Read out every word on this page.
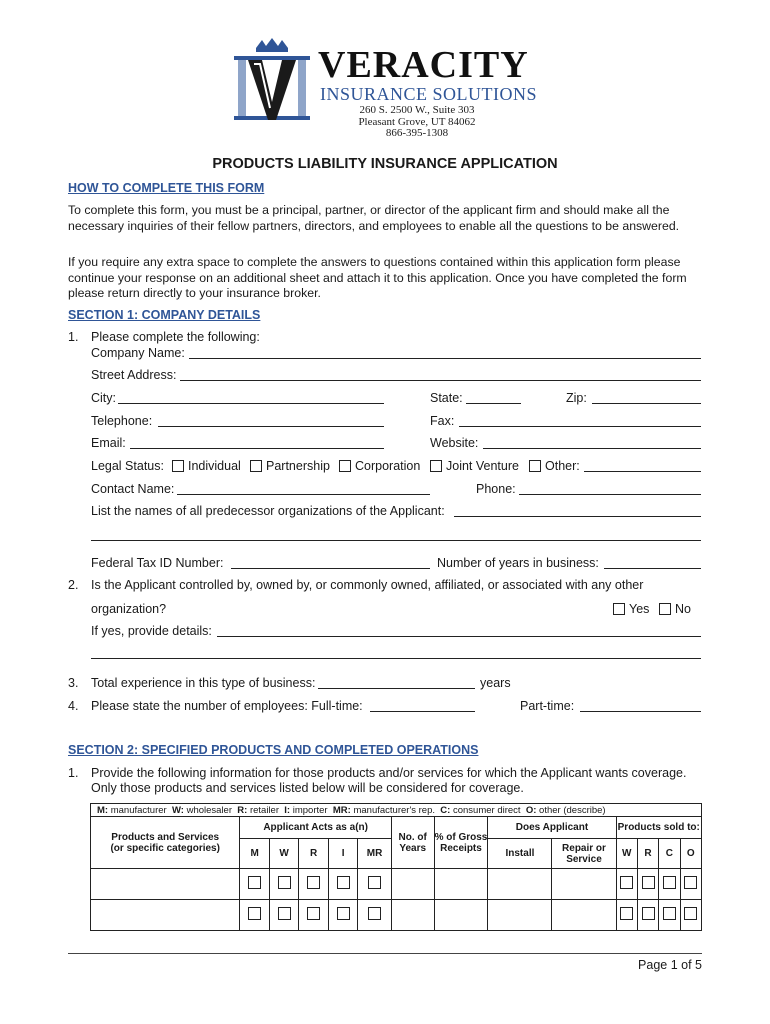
VERACITY
INSURANCE SOLUTIONS
260 S. 2500 W., Suite 303
Pleasant Grove, UT 84062
866-395-1308
PRODUCTS LIABILITY INSURANCE APPLICATION
HOW TO COMPLETE THIS FORM
To complete this form, you must be a principal, partner, or director of the applicant firm and should make all the necessary inquiries of their fellow partners, directors, and employees to enable all the questions to be answered.
If you require any extra space to complete the answers to questions contained within this application form please continue your response on an additional sheet and attach it to this application. Once you have completed the form please return directly to your insurance broker.
SECTION 1: COMPANY DETAILS
1. Please complete the following:
Company Name:
Street Address:
City:	State:	Zip:
Telephone:	Fax:
Email:	Website:
Legal Status:	Individual	Partnership	Corporation	Joint Venture	Other:
Contact Name:	Phone:
List the names of all predecessor organizations of the Applicant:
Federal Tax ID Number:	Number of years in business:
2. Is the Applicant controlled by, owned by, or commonly owned, affiliated, or associated with any other
organization?	Yes	No
If yes, provide details:
3. Total experience in this type of business:	years
4. Please state the number of employees: Full-time:	Part-time:
SECTION 2: SPECIFIED PRODUCTS AND COMPLETED OPERATIONS
1. Provide the following information for those products and/or services for which the Applicant wants coverage.
Only those products and services listed below will be considered for coverage.
M: manufacturer W: wholesaler R: retailer I: importer MR: manufacturer's rep. C: consumer direct O: other (describe)													

Products and Services
(or specific categories)	Applicant Acts as a(n)					No. of Years	% of Gross Receipts	Does Applicant		Products sold to:			
	M	W	R	I	MR			Install	Repair or Service	W	R	C	O

Page 1 of 5
